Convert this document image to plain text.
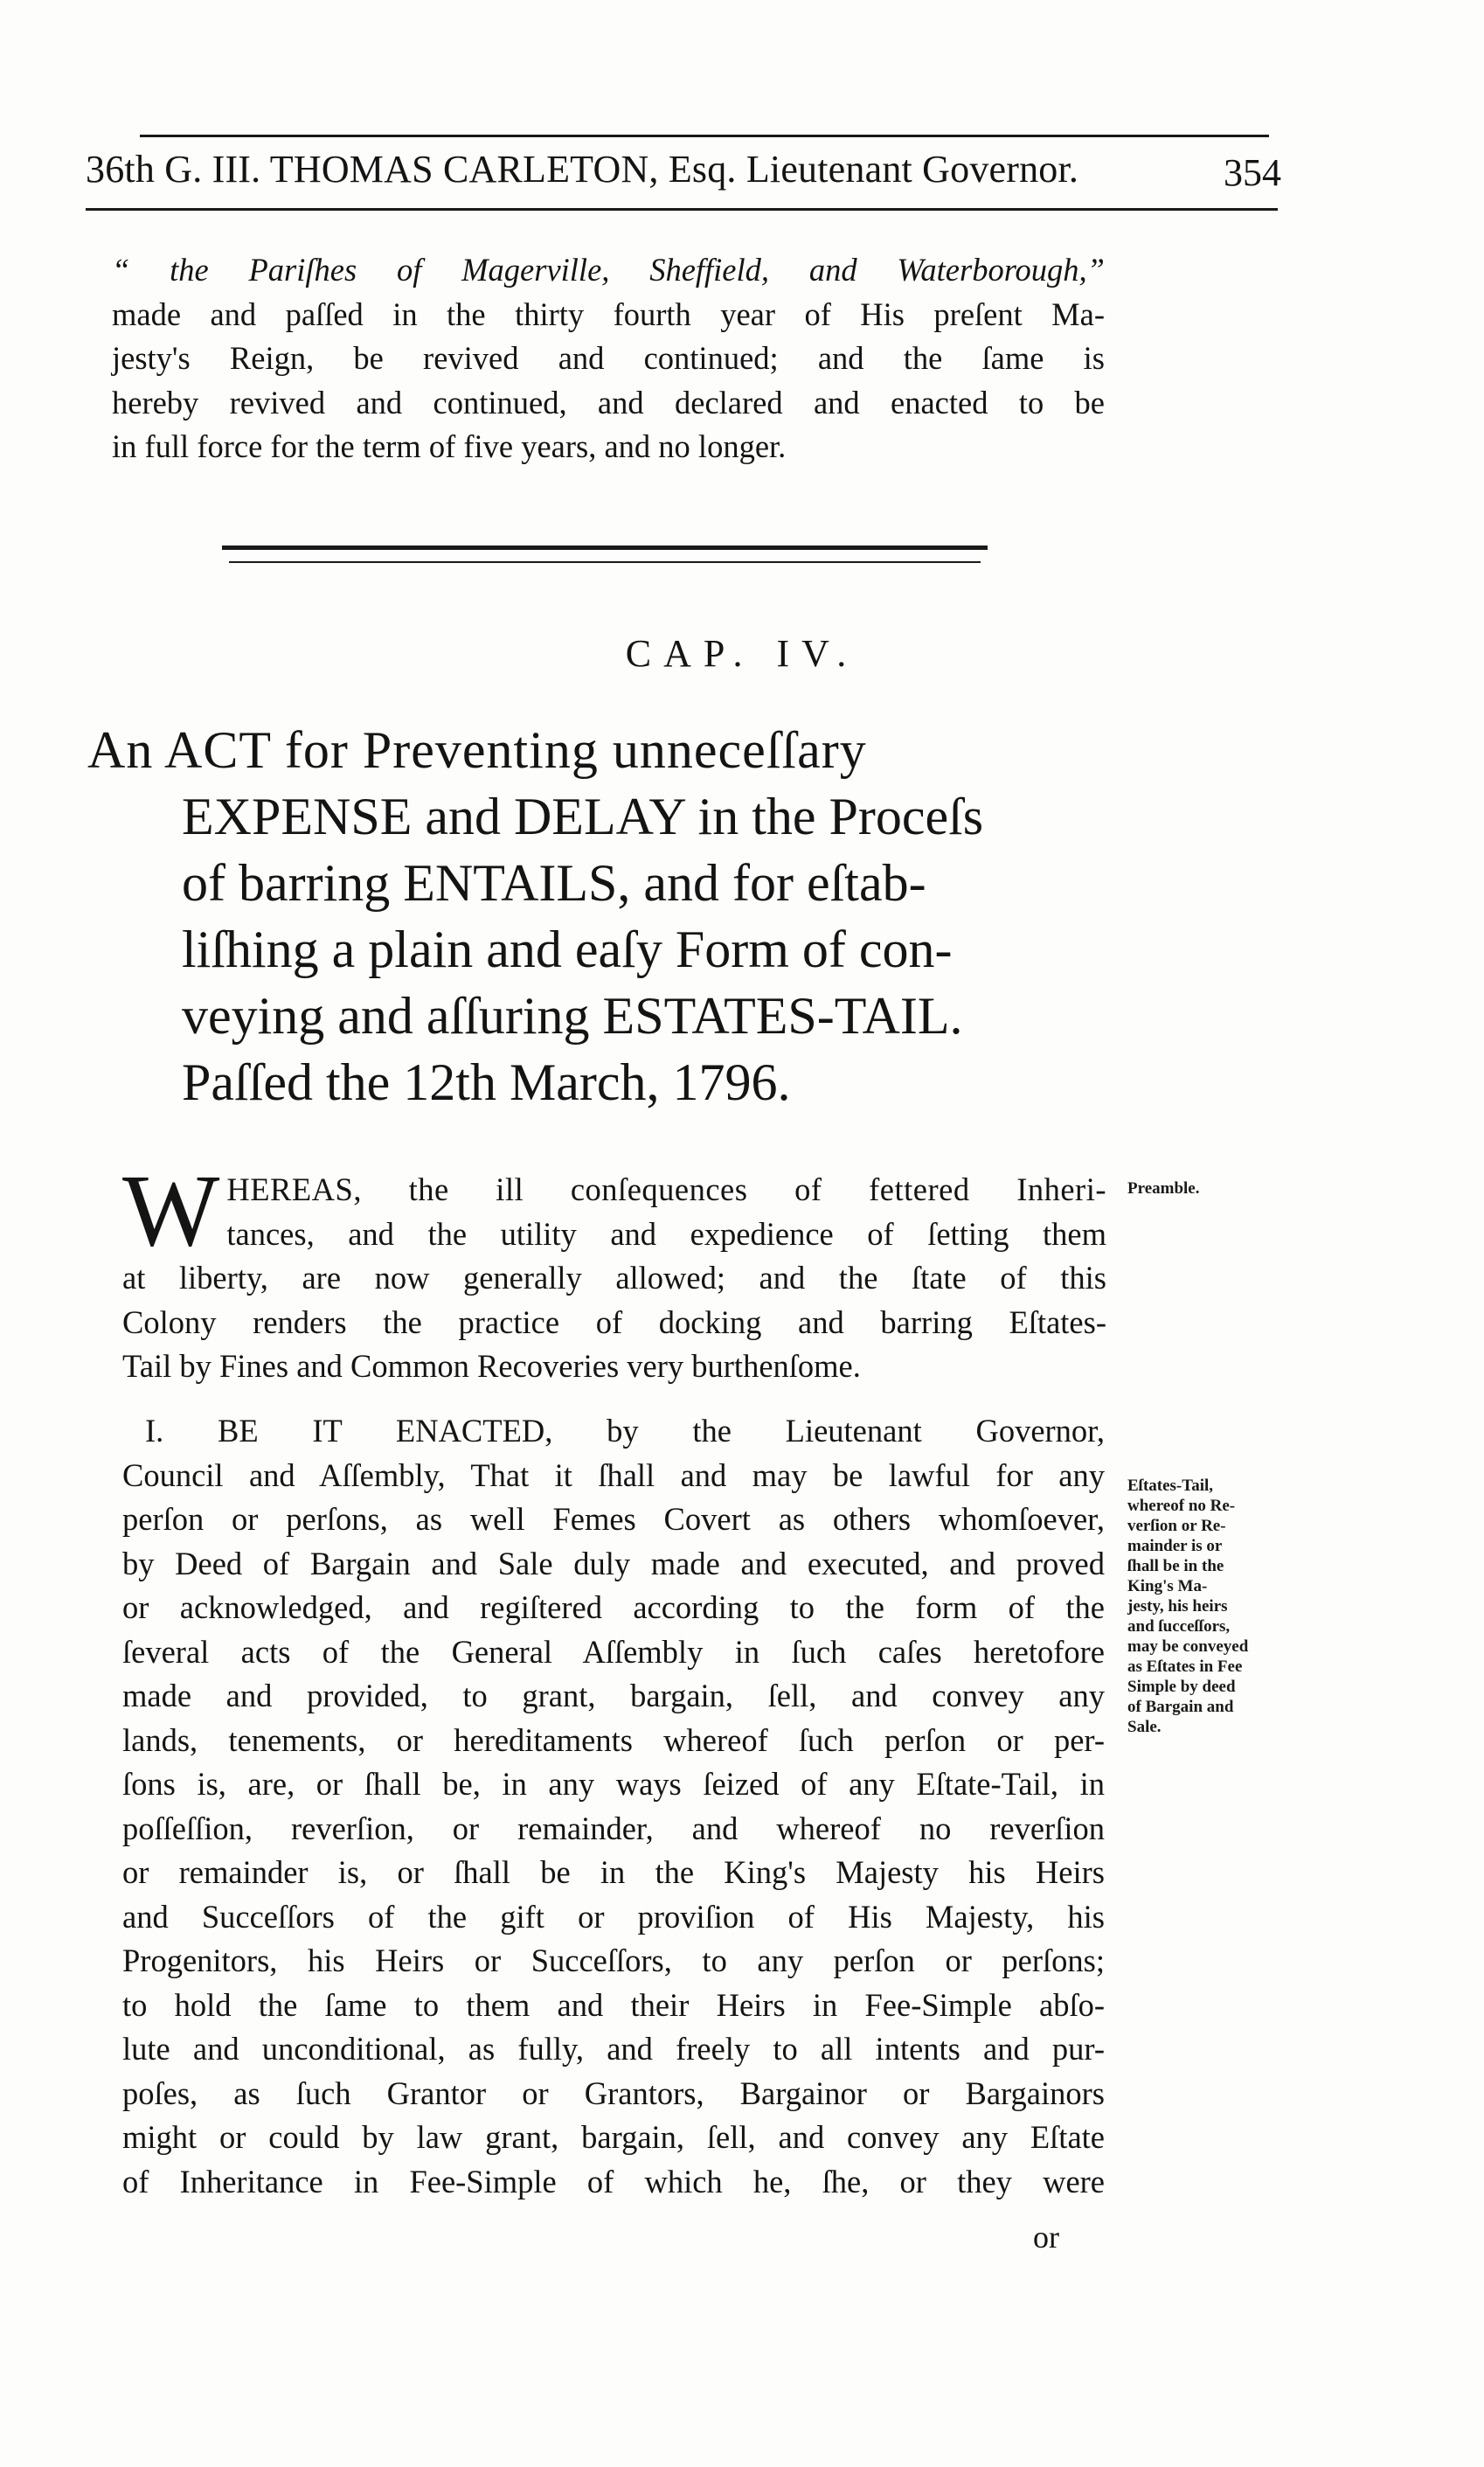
36th G. III. THOMAS CARLETON, Esq. Lieutenant Governor.	354
“ the Pariſhes of Magerville, Sheffield, and Waterborough,”
made and paſſed in the thirty fourth year of His preſent Ma-
jesty's Reign, be revived and continued; and the ſame is
hereby revived and continued, and declared and enacted to be
in full force for the term of five years, and no longer.
CAP. IV.
An ACT for Preventing unneceſſary
EXPENSE and DELAY in the Proceſs
of barring ENTAILS, and for eſtab-
liſhing a plain and eaſy Form of con-
veying and aſſuring ESTATES-TAIL.
Paſſed the 12th March, 1796.
W HEREAS, the ill conſequences of fettered Inheri-
tances, and the utility and expedience of ſetting them
at liberty, are now generally allowed; and the ſtate of this
Colony renders the practice of docking and barring Eſtates-
Tail by Fines and Common Recoveries very burthenſome.
Preamble.
I. BE IT ENACTED, by the Lieutenant Governor,
Council and Aſſembly, That it ſhall and may be lawful for any
perſon or perſons, as well Femes Covert as others whomſoever,
by Deed of Bargain and Sale duly made and executed, and proved
or acknowledged, and regiſtered according to the form of the
ſeveral acts of the General Aſſembly in ſuch caſes heretofore
made and provided, to grant, bargain, ſell, and convey any
lands, tenements, or hereditaments whereof ſuch perſon or per-
ſons is, are, or ſhall be, in any ways ſeized of any Eſtate-Tail, in
poſſeſſion, reverſion, or remainder, and whereof no reverſion
or remainder is, or ſhall be in the King's Majesty his Heirs
and Succeſſors of the gift or proviſion of His Majesty, his
Progenitors, his Heirs or Succeſſors, to any perſon or perſons;
to hold the ſame to them and their Heirs in Fee-Simple abſo-
lute and unconditional, as fully, and freely to all intents and pur-
poſes, as ſuch Grantor or Grantors, Bargainor or Bargainors
might or could by law grant, bargain, ſell, and convey any Eſtate
of Inheritance in Fee-Simple of which he, ſhe, or they were
Eſtates-Tail,
whereof no Re-
verſion or Re-
mainder is or
ſhall be in the
King's Ma-
jesty, his heirs
and ſucceſſors,
may be conveyed
as Eſtates in Fee
Simple by deed
of Bargain and
Sale.
or
